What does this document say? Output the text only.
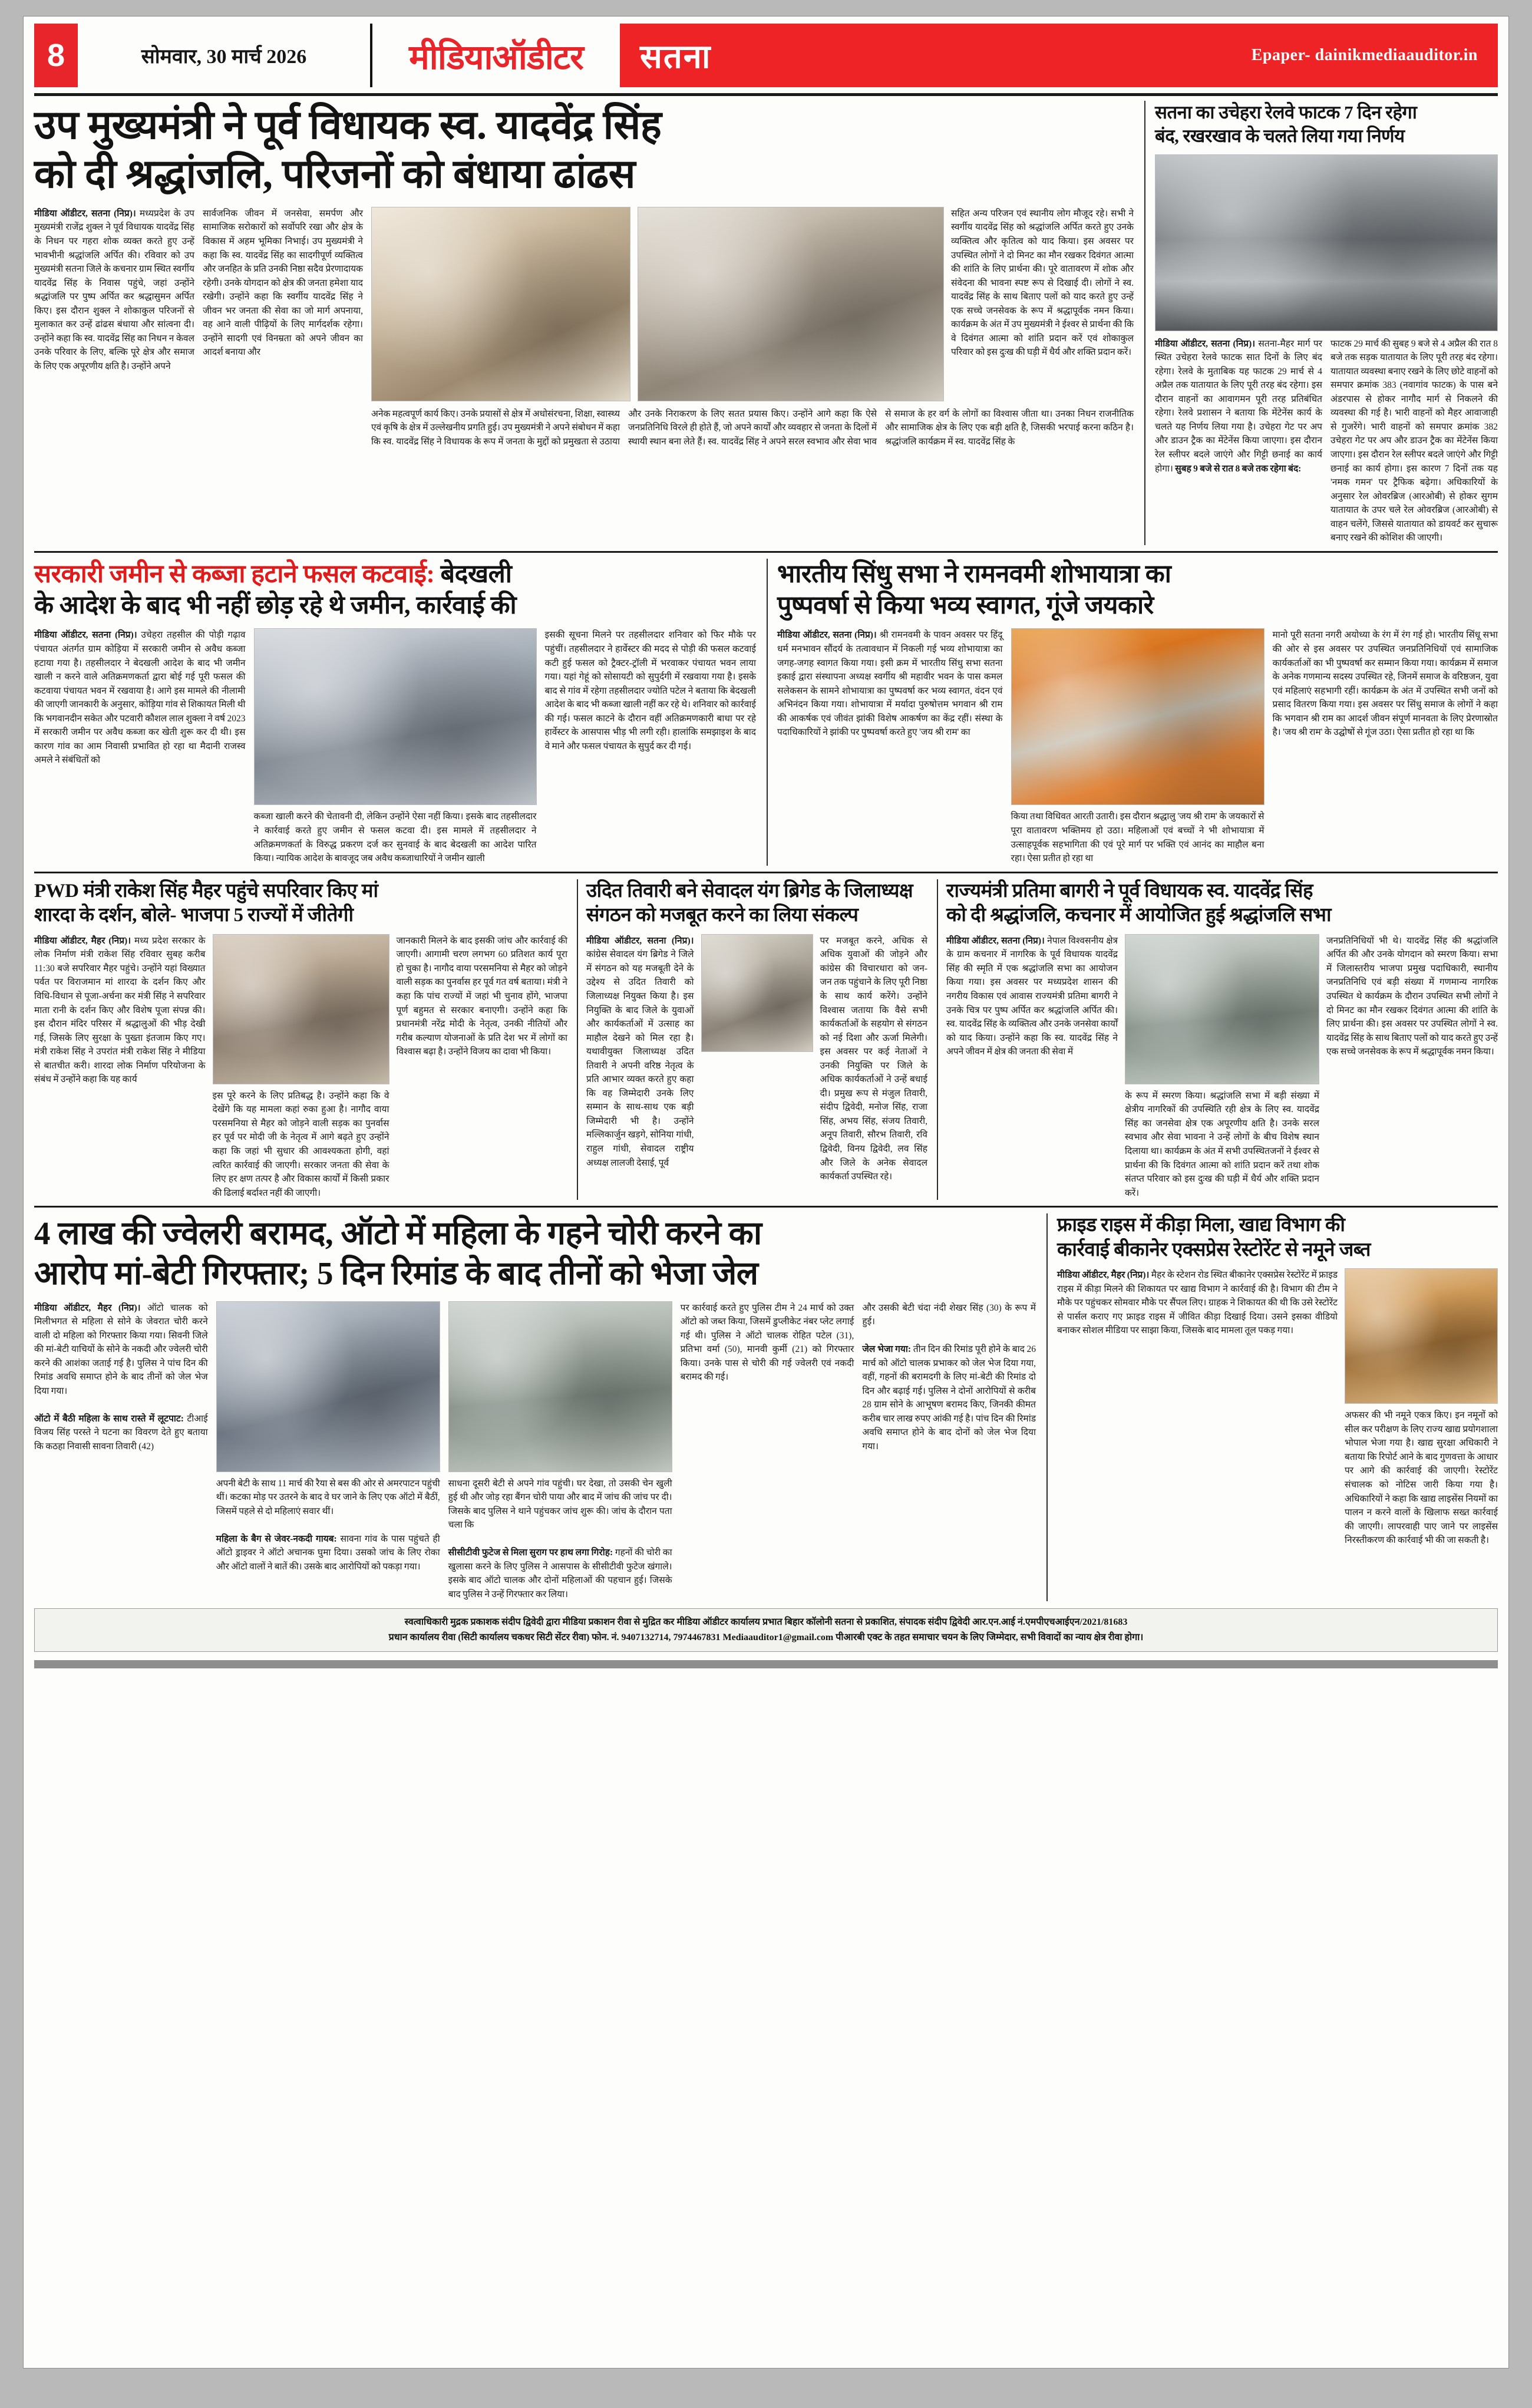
8	सोमवार, 30 मार्च 2026	मीडियाऑडीटर	सतना	Epaper- dainikmediaauditor.in
उप मुख्यमंत्री ने पूर्व विधायक स्व. यादवेंद्र सिंह
को दी श्रद्धांजलि, परिजनों को बंधाया ढांढस
मीडिया ऑडीटर, सतना (निप्र)। मध्यप्रदेश के उप मुख्यमंत्री राजेंद्र शुक्ल ने पूर्व विधायक यादवेंद्र सिंह के निधन पर गहरा शोक व्यक्त करते हुए उन्हें भावभीनी श्रद्धांजलि अर्पित की। रविवार को उप मुख्यमंत्री सतना जिले के कचनार ग्राम स्थित स्वर्गीय यादवेंद्र सिंह के निवास पहुंचे, जहां उन्होंने श्रद्धांजलि पर पुष्प अर्पित कर श्रद्धासुमन अर्पित किए। इस दौरान शुक्ल ने शोकाकुल परिजनों से मुलाकात कर उन्हें ढांढस बंधाया और सांत्वना दी। उन्होंने कहा कि स्व. यादवेंद्र सिंह का निधन न केवल उनके परिवार के लिए, बल्कि पूरे क्षेत्र और समाज के लिए एक अपूरणीय क्षति है। उन्होंने अपने
सार्वजनिक जीवन में जनसेवा, समर्पण और सामाजिक सरोकारों को सर्वोपरि रखा और क्षेत्र के विकास में अहम भूमिका निभाई। उप मुख्यमंत्री ने कहा कि स्व. यादवेंद्र सिंह का सादगीपूर्ण व्यक्तित्व और जनहित के प्रति उनकी निष्ठा सदैव प्रेरणादायक रहेगी। उनके योगदान को क्षेत्र की जनता हमेशा याद रखेगी। उन्होंने कहा कि स्वर्गीय यादवेंद्र सिंह ने जीवन भर जनता की सेवा का जो मार्ग अपनाया, वह आने वाली पीढ़ियों के लिए मार्गदर्शक रहेगा। उन्होंने सादगी एवं विनम्रता को अपने जीवन का आदर्श बनाया और
सहित अन्य परिजन एवं स्थानीय लोग मौजूद रहे। सभी ने स्वर्गीय यादवेंद्र सिंह को श्रद्धांजलि अर्पित करते हुए उनके व्यक्तित्व और कृतित्व को याद किया। इस अवसर पर उपस्थित लोगों ने दो मिनट का मौन रखकर दिवंगत आत्मा की शांति के लिए प्रार्थना की। पूरे वातावरण में शोक और संवेदना की भावना स्पष्ट रूप से दिखाई दी। लोगों ने स्व. यादवेंद्र सिंह के साथ बिताए पलों को याद करते हुए उन्हें एक सच्चे जनसेवक के रूप में श्रद्धापूर्वक नमन किया। कार्यक्रम के अंत में उप मुख्यमंत्री ने ईश्वर से प्रार्थना की कि वे दिवंगत आत्मा को शांति प्रदान करें एवं शोकाकुल परिवार को इस दुःख की घड़ी में धैर्य और शक्ति प्रदान करें।
अनेक महत्वपूर्ण कार्य किए। उनके प्रयासों से क्षेत्र में अधोसंरचना, शिक्षा, स्वास्थ्य एवं कृषि के क्षेत्र में उल्लेखनीय प्रगति हुई। उप मुख्यमंत्री ने अपने संबोधन में कहा कि स्व. यादवेंद्र सिंह ने विधायक के रूप में जनता के मुद्दों को प्रमुखता से उठाया और उनके निराकरण के लिए सतत प्रयास किए। उन्होंने आगे कहा कि ऐसे जनप्रतिनिधि विरले ही होते हैं, जो अपने कार्यों और व्यवहार से जनता के दिलों में स्थायी स्थान बना लेते हैं। स्व. यादवेंद्र सिंह ने अपने सरल स्वभाव और सेवा भाव से समाज के हर वर्ग के लोगों का विश्वास जीता था। उनका निधन राजनीतिक और सामाजिक क्षेत्र के लिए एक बड़ी क्षति है, जिसकी भरपाई करना कठिन है। श्रद्धांजलि कार्यक्रम में स्व. यादवेंद्र सिंह के
सतना का उचेहरा रेलवे फाटक 7 दिन रहेगा
बंद, रखरखाव के चलते लिया गया निर्णय
मीडिया ऑडीटर, सतना (निप्र)। सतना-मैहर मार्ग पर स्थित उचेहरा रेलवे फाटक सात दिनों के लिए बंद रहेगा। रेलवे के मुताबिक यह फाटक 29 मार्च से 4 अप्रैल तक यातायात के लिए पूरी तरह बंद रहेगा। इस दौरान वाहनों का आवागमन पूरी तरह प्रतिबंधित रहेगा। रेलवे प्रशासन ने बताया कि मेंटेनेंस कार्य के चलते यह निर्णय लिया गया है। उचेहरा गेट पर अप और डाउन ट्रैक का मेंटेनेंस किया जाएगा। इस दौरान रेल स्लीपर बदले जाएंगे और गिट्टी छनाई का कार्य होगा। सुबह 9 बजे से रात 8 बजे तक रहेगा बंद:
फाटक 29 मार्च की सुबह 9 बजे से 4 अप्रैल की रात 8 बजे तक सड़क यातायात के लिए पूरी तरह बंद रहेगा। यातायात व्यवस्था बनाए रखने के लिए छोटे वाहनों को समपार क्रमांक 383 (नवागांव फाटक) के पास बने अंडरपास से होकर नागौद मार्ग से निकलने की व्यवस्था की गई है। भारी वाहनों को मैहर आवाजाही से गुजरेंगे। भारी वाहनों को समपार क्रमांक 382 उचेहरा गेट पर अप और डाउन ट्रैक का मेंटेनेंस किया जाएगा। इस दौरान रेल स्लीपर बदले जाएंगे और गिट्टी छनाई का कार्य होगा। इस कारण 7 दिनों तक यह 'नमक गमन' पर ट्रैफिक बढ़ेगा। अधिकारियों के अनुसार रेल ओवरब्रिज (आरओबी) से होकर सुगम यातायात के उपर चले रेल ओवरब्रिज (आरओबी) से वाहन चलेंगे, जिससे यातायात को डायवर्ट कर सुचारू बनाए रखने की कोशिश की जाएगी।
सरकारी जमीन से कब्जा हटाने फसल कटवाई: बेदखली
के आदेश के बाद भी नहीं छोड़ रहे थे जमीन, कार्रवाई की
मीडिया ऑडीटर, सतना (निप्र)। उचेहरा तहसील की पोड़ी गढ़ाव पंचायत अंतर्गत ग्राम कोड़िया में सरकारी जमीन से अवैध कब्जा हटाया गया है। तहसीलदार ने बेदखली आदेश के बाद भी जमीन खाली न करने वाले अतिक्रमणकर्ता द्वारा बोई गई पूरी फसल की कटवाया पंचायत भवन में रखवाया है। आगे इस मामले की नीलामी की जाएगी जानकारी के अनुसार, कोड़िया गांव से शिकायत मिली थी कि भगवानदीन सकेत और पटवारी कौशल लाल शुक्ला ने वर्ष 2023 में सरकारी जमीन पर अवैध कब्जा कर खेती शुरू कर दी थी। इस कारण गांव का आम निवासी प्रभावित हो रहा था मैदानी राजस्व अमले ने संबंधितों को
कब्जा खाली करने की चेतावनी दी, लेकिन उन्होंने ऐसा नहीं किया। इसके बाद तहसीलदार ने कार्रवाई करते हुए जमीन से फसल कटवा दी। इस मामले में तहसीलदार ने अतिक्रमणकर्ता के विरुद्ध प्रकरण दर्ज कर सुनवाई के बाद बेदखली का आदेश पारित किया। न्यायिक आदेश के बावजूद जब अवैध कब्जाधारियों ने जमीन खाली
इसकी सूचना मिलने पर तहसीलदार शनिवार को फिर मौके पर पहुंचीं। तहसीलदार ने हार्वेस्टर की मदद से पोड़ी की फसल कटवाई कटी हुई फसल को ट्रैक्टर-ट्रॉली में भरवाकर पंचायत भवन लाया गया। यहां गेहूं को सोसायटी को सुपुर्दगी में रखवाया गया है। इसके बाद से गांव में रहेगा तहसीलदार ज्योति पटेल ने बताया कि बेदखली आदेश के बाद भी कब्जा खाली नहीं कर रहे थे। शनिवार को कार्रवाई की गई। फसल काटने के दौरान वहीं अतिक्रमणकारी बाधा पर रहे हार्वेस्टर के आसपास भीड़ भी लगी रही। हालांकि समझाइश के बाद वे माने और फसल पंचायत के सुपुर्द कर दी गई।
भारतीय सिंधु सभा ने रामनवमी शोभायात्रा का
पुष्पवर्षा से किया भव्य स्वागत, गूंजे जयकारे
मीडिया ऑडीटर, सतना (निप्र)। श्री रामनवमी के पावन अवसर पर हिंदू धर्म मनभावन सौंदर्य के तत्वावधान में निकली गई भव्य शोभायात्रा का जगह-जगह स्वागत किया गया। इसी क्रम में भारतीय सिंधु सभा सतना इकाई द्वारा संस्थापना अध्यक्ष स्वर्गीय श्री महावीर भवन के पास कमल सलेकसन के सामने शोभायात्रा का पुष्पवर्षा कर भव्य स्वागत, वंदन एवं अभिनंदन किया गया। शोभायात्रा में मर्यादा पुरुषोत्तम भगवान श्री राम की आकर्षक एवं जीवंत झांकी विशेष आकर्षण का केंद्र रहीं। संस्था के पदाधिकारियों ने झांकी पर पुष्पवर्षा करते हुए 'जय श्री राम' का
किया तथा विधिवत आरती उतारी। इस दौरान श्रद्धालु 'जय श्री राम' के जयकारों से पूरा वातावरण भक्तिमय हो उठा। महिलाओं एवं बच्चों ने भी शोभायात्रा में उत्साहपूर्वक सहभागिता की एवं पूरे मार्ग पर भक्ति एवं आनंद का माहौल बना रहा। ऐसा प्रतीत हो रहा था
मानो पूरी सतना नगरी अयोध्या के रंग में रंग गई हो। भारतीय सिंधू सभा की ओर से इस अवसर पर उपस्थित जनप्रतिनिधियों एवं सामाजिक कार्यकर्ताओं का भी पुष्पवर्षा कर सम्मान किया गया। कार्यक्रम में समाज के अनेक गणमान्य सदस्य उपस्थित रहे, जिनमें समाज के वरिष्ठजन, युवा एवं महिलाएं सहभागी रहीं। कार्यक्रम के अंत में उपस्थित सभी जनों को प्रसाद वितरण किया गया। इस अवसर पर सिंधु समाज के लोगों ने कहा कि भगवान श्री राम का आदर्श जीवन संपूर्ण मानवता के लिए प्रेरणास्रोत है। 'जय श्री राम' के उद्घोषों से गूंज उठा। ऐसा प्रतीत हो रहा था कि
PWD मंत्री राकेश सिंह मैहर पहुंचे सपरिवार किए मां
शारदा के दर्शन, बोले- भाजपा 5 राज्यों में जीतेगी
मीडिया ऑडीटर, मैहर (निप्र)। मध्य प्रदेश सरकार के लोक निर्माण मंत्री राकेश सिंह रविवार सुबह करीब 11:30 बजे सपरिवार मैहर पहुंचे। उन्होंने यहां विख्यात पर्वत पर विराजमान मां शारदा के दर्शन किए और विधि-विधान से पूजा-अर्चना कर मंत्री सिंह ने सपरिवार माता रानी के दर्शन किए और विशेष पूजा संपन्न की। इस दौरान मंदिर परिसर में श्रद्धालुओं की भीड़ देखी गई, जिसके लिए सुरक्षा के पुख्ता इंतजाम किए गए। मंत्री राकेश सिंह ने उपरांत मंत्री राकेश सिंह ने मीडिया से बातचीत करी। शारदा लोक निर्माण परियोजना के संबंध में उन्होंने कहा कि यह कार्य
इस पूरे करने के लिए प्रतिबद्ध है। उन्होंने कहा कि वे देखेंगे कि यह मामला कहां रुका हुआ है। नागौद वाया परसमनिया से मैहर को जोड़ने वाली सड़क का पुनर्वास हर पूर्व पर मोदी जी के नेतृत्व में आगे बढ़ते हुए उन्होंने कहा कि जहां भी सुधार की आवश्यकता होगी, वहां त्वरित कार्रवाई की जाएगी। सरकार जनता की सेवा के लिए हर क्षण तत्पर है और विकास कार्यों में किसी प्रकार की ढिलाई बर्दाश्त नहीं की जाएगी।
जानकारी मिलने के बाद इसकी जांच और कार्रवाई की जाएगी। आगामी चरण लगभग 60 प्रतिशत कार्य पूरा हो चुका है। नागौद वाया परसमनिया से मैहर को जोड़ने वाली सड़क का पुनर्वास हर पूर्व गत वर्ष बताया। मंत्री ने कहा कि पांच राज्यों में जहां भी चुनाव होंगे, भाजपा पूर्ण बहुमत से सरकार बनाएगी। उन्होंने कहा कि प्रधानमंत्री नरेंद्र मोदी के नेतृत्व, उनकी नीतियों और गरीब कल्याण योजनाओं के प्रति देश भर में लोगों का विश्वास बढ़ा है। उन्होंने विजय का दावा भी किया।
उदित तिवारी बने सेवादल यंग ब्रिगेड के जिलाध्यक्ष
संगठन को मजबूत करने का लिया संकल्प
मीडिया ऑडीटर, सतना (निप्र)। कांग्रेस सेवादल यंग ब्रिगेड ने जिले में संगठन को यह मजबूती देने के उद्देश्य से उदित तिवारी को जिलाध्यक्ष नियुक्त किया है। इस नियुक्ति के बाद जिले के युवाओं और कार्यकर्ताओं में उत्साह का माहौल देखने को मिल रहा है। यथावीयुक्त जिलाध्यक्ष उदित तिवारी ने अपनी वरिष्ठ नेतृत्व के प्रति आभार व्यक्त करते हुए कहा कि वह जिम्मेदारी उनके लिए सम्मान के साथ-साथ एक बड़ी जिम्मेदारी भी है। उन्होंने मल्लिकार्जुन खड़गे, सोनिया गांधी, राहुल गांधी, सेवादल राष्ट्रीय अध्यक्ष लालजी देसाई, पूर्व
पर मजबूत करने, अधिक से अधिक युवाओं की जोड़ने और कांग्रेस की विचारधारा को जन-जन तक पहुंचाने के लिए पूरी निष्ठा के साथ कार्य करेंगे। उन्होंने विश्वास जताया कि वैसे सभी कार्यकर्ताओं के सहयोग से संगठन को नई दिशा और ऊर्जा मिलेगी। इस अवसर पर कई नेताओं ने उनकी नियुक्ति पर जिले के अधिक कार्यकर्ताओं ने उन्हें बधाई दी। प्रमुख रूप से मंजुल तिवारी, संदीप द्विवेदी, मनोज सिंह, राजा सिंह, अभय सिंह, संजय तिवारी, अनूप तिवारी, सौरभ तिवारी, रवि द्विवेदी, विनय द्विवेदी, लव सिंह और जिले के अनेक सेवादल कार्यकर्ता उपस्थित रहे।
राज्यमंत्री प्रतिमा बागरी ने पूर्व विधायक स्व. यादवेंद्र सिंह
को दी श्रद्धांजलि, कचनार में आयोजित हुई श्रद्धांजलि सभा
मीडिया ऑडीटर, सतना (निप्र)। नेपाल विश्वसनीय क्षेत्र के ग्राम कचनार में नागरिक के पूर्व विधायक यादवेंद्र सिंह की स्मृति में एक श्रद्धांजलि सभा का आयोजन किया गया। इस अवसर पर मध्यप्रदेश शासन की नगरीय विकास एवं आवास राज्यमंत्री प्रतिमा बागरी ने उनके चित्र पर पुष्प अर्पित कर श्रद्धांजलि अर्पित की। स्व. यादवेंद्र सिंह के व्यक्तित्व और उनके जनसेवा कार्यों को याद किया। उन्होंने कहा कि स्व. यादवेंद्र सिंह ने अपने जीवन में क्षेत्र की जनता की सेवा में
के रूप में स्मरण किया। श्रद्धांजलि सभा में बड़ी संख्या में क्षेत्रीय नागरिकों की उपस्थिति रही क्षेत्र के लिए स्व. यादवेंद्र सिंह का जनसेवा क्षेत्र एक अपूरणीय क्षति है। उनके सरल स्वभाव और सेवा भावना ने उन्हें लोगों के बीच विशेष स्थान दिलाया था। कार्यक्रम के अंत में सभी उपस्थितजनों ने ईश्वर से प्रार्थना की कि दिवंगत आत्मा को शांति प्रदान करें तथा शोक संतप्त परिवार को इस दुःख की घड़ी में धैर्य और शक्ति प्रदान करें।
जनप्रतिनिधियों भी थे। यादवेंद्र सिंह की श्रद्धांजलि अर्पित की और उनके योगदान को स्मरण किया। सभा में जिलास्तरीय भाजपा प्रमुख पदाधिकारी, स्थानीय जनप्रतिनिधि एवं बड़ी संख्या में गणमान्य नागरिक उपस्थित थे कार्यक्रम के दौरान उपस्थित सभी लोगों ने दो मिनट का मौन रखकर दिवंगत आत्मा की शांति के लिए प्रार्थना की। इस अवसर पर उपस्थित लोगों ने स्व. यादवेंद्र सिंह के साथ बिताए पलों को याद करते हुए उन्हें एक सच्चे जनसेवक के रूप में श्रद्धापूर्वक नमन किया।
4 लाख की ज्वेलरी बरामद, ऑटो में महिला के गहने चोरी करने का
आरोप मां-बेटी गिरफ्तार; 5 दिन रिमांड के बाद तीनों को भेजा जेल
मीडिया ऑडीटर, मैहर (निप्र)। ऑटो चालक को मिलीभगत से महिला से सोने के जेवरात चोरी करने वाली दो महिला को गिरफ्तार किया गया। सिवनी जिले की मां-बेटी याचियों के सोने के नकदी और ज्वेलरी चोरी करने की आशंका जताई गई है। पुलिस ने पांच दिन की रिमांड अवधि समाप्त होने के बाद तीनों को जेल भेज दिया गया।

ऑटो में बैठी महिला के साथ रास्ते में लूटपाट: टीआई विजय सिंह परस्ते ने घटना का विवरण देते हुए बताया कि कठहा निवासी सावना तिवारी (42)
अपनी बेटी के साथ 11 मार्च की रैया से बस की ओर से अमरपाटन पहुंची थीं। कटका मोड़ पर उतरने के बाद वे घर जाने के लिए एक ऑटो में बैठीं, जिसमें पहले से दो महिलाएं सवार थीं।

महिला के बैग से जेवर-नकदी गायब: सावना गांव के पास पहुंचते ही ऑटो ड्राइवर ने ऑटो अचानक घुमा दिया। उसको जांच के लिए रोका और ऑटो वालों ने बातें की। उसके बाद आरोपियों को पकड़ा गया।
साधना दूसरी बेटी से अपने गांव पहुंची। घर देखा, तो उसकी चेन खुली हुई थी और जोड़ रहा बैंगन चोरी पाया और बाद में जांच की जांच पर दी। जिसके बाद पुलिस ने थाने पहुंचकर जांच शुरू की। जांच के दौरान पता चला कि

सीसीटीवी फुटेज से मिला सुराग पर हाथ लगा गिरोह: गहनों की चोरी का खुलासा करने के लिए पुलिस ने आसपास के सीसीटीवी फुटेज खंगाले। इसके बाद ऑटो चालक और दोनों महिलाओं की पहचान हुई। जिसके बाद पुलिस ने उन्हें गिरफ्तार कर लिया।
पर कार्रवाई करते हुए पुलिस टीम ने 24 मार्च को उक्त ऑटो को जब्त किया, जिसमें डुप्लीकेट नंबर प्लेट लगाई गई थी। पुलिस ने ऑटो चालक रोहित पटेल (31), प्रतिभा वर्मा (50), मानवी कुर्मी (21) को गिरफ्तार किया। उनके पास से चोरी की गई ज्वेलरी एवं नकदी बरामद की गई।
और उसकी बेटी चंदा नंदी शेखर सिंह (30) के रूप में हुई।

जेल भेजा गया: तीन दिन की रिमांड पूरी होने के बाद 26 मार्च को ऑटो चालक प्रभाकर को जेल भेज दिया गया, वहीं, गहनों की बरामदगी के लिए मां-बेटी की रिमांड दो दिन और बढ़ाई गई। पुलिस ने दोनों आरोपियों से करीब 28 ग्राम सोने के आभूषण बरामद किए, जिनकी कीमत करीब चार लाख रुपए आंकी गई है। पांच दिन की रिमांड अवधि समाप्त होने के बाद दोनों को जेल भेज दिया गया।
फ्राइड राइस में कीड़ा मिला, खाद्य विभाग की
कार्रवाई बीकानेर एक्सप्रेस रेस्टोरेंट से नमूने जब्त
मीडिया ऑडीटर, मैहर (निप्र)। मैहर के स्टेशन रोड स्थित बीकानेर एक्सप्रेस रेस्टोरेंट में फ्राइड राइस में कीड़ा मिलने की शिकायत पर खाद्य विभाग ने कार्रवाई की है। विभाग की टीम ने मौके पर पहुंचकर सोमवार मौके पर सैंपल लिए। ग्राहक ने शिकायत की थी कि उसे रेस्टोरेंट से पार्सल कराए गए फ्राइड राइस में जीवित कीड़ा दिखाई दिया। उसने इसका वीडियो बनाकर सोशल मीडिया पर साझा किया, जिसके बाद मामला तूल पकड़ गया।
अफसर की भी नमूने एकत्र किए। इन नमूनों को सील कर परीक्षण के लिए राज्य खाद्य प्रयोगशाला भोपाल भेजा गया है। खाद्य सुरक्षा अधिकारी ने बताया कि रिपोर्ट आने के बाद गुणवत्ता के आधार पर आगे की कार्रवाई की जाएगी। रेस्टोरेंट संचालक को नोटिस जारी किया गया है। अधिकारियों ने कहा कि खाद्य लाइसेंस नियमों का पालन न करने वालों के खिलाफ सख्त कार्रवाई की जाएगी। लापरवाही पाए जाने पर लाइसेंस निरस्तीकरण की कार्रवाई भी की जा सकती है।
स्वत्वाधिकारी मुद्रक प्रकाशक संदीप द्विवेदी द्वारा मीडिया प्रकाशन रीवा से मुद्रित कर मीडिया ऑडीटर कार्यालय प्रभात बिहार कॉलोनी सतना से प्रकाशित, संपादक संदीप द्विवेदी आर.एन.आई नं.एमपीएचआईएन/2021/81683
प्रधान कार्यालय रीवा (सिटी कार्यालय चकधर सिटी सेंटर रीवा) फोन. नं. 9407132714, 7974467831 Mediaauditor1@gmail.com पीआरबी एक्ट के तहत समाचार चयन के लिए जिम्मेदार, सभी विवादों का न्याय क्षेत्र रीवा होगा।
